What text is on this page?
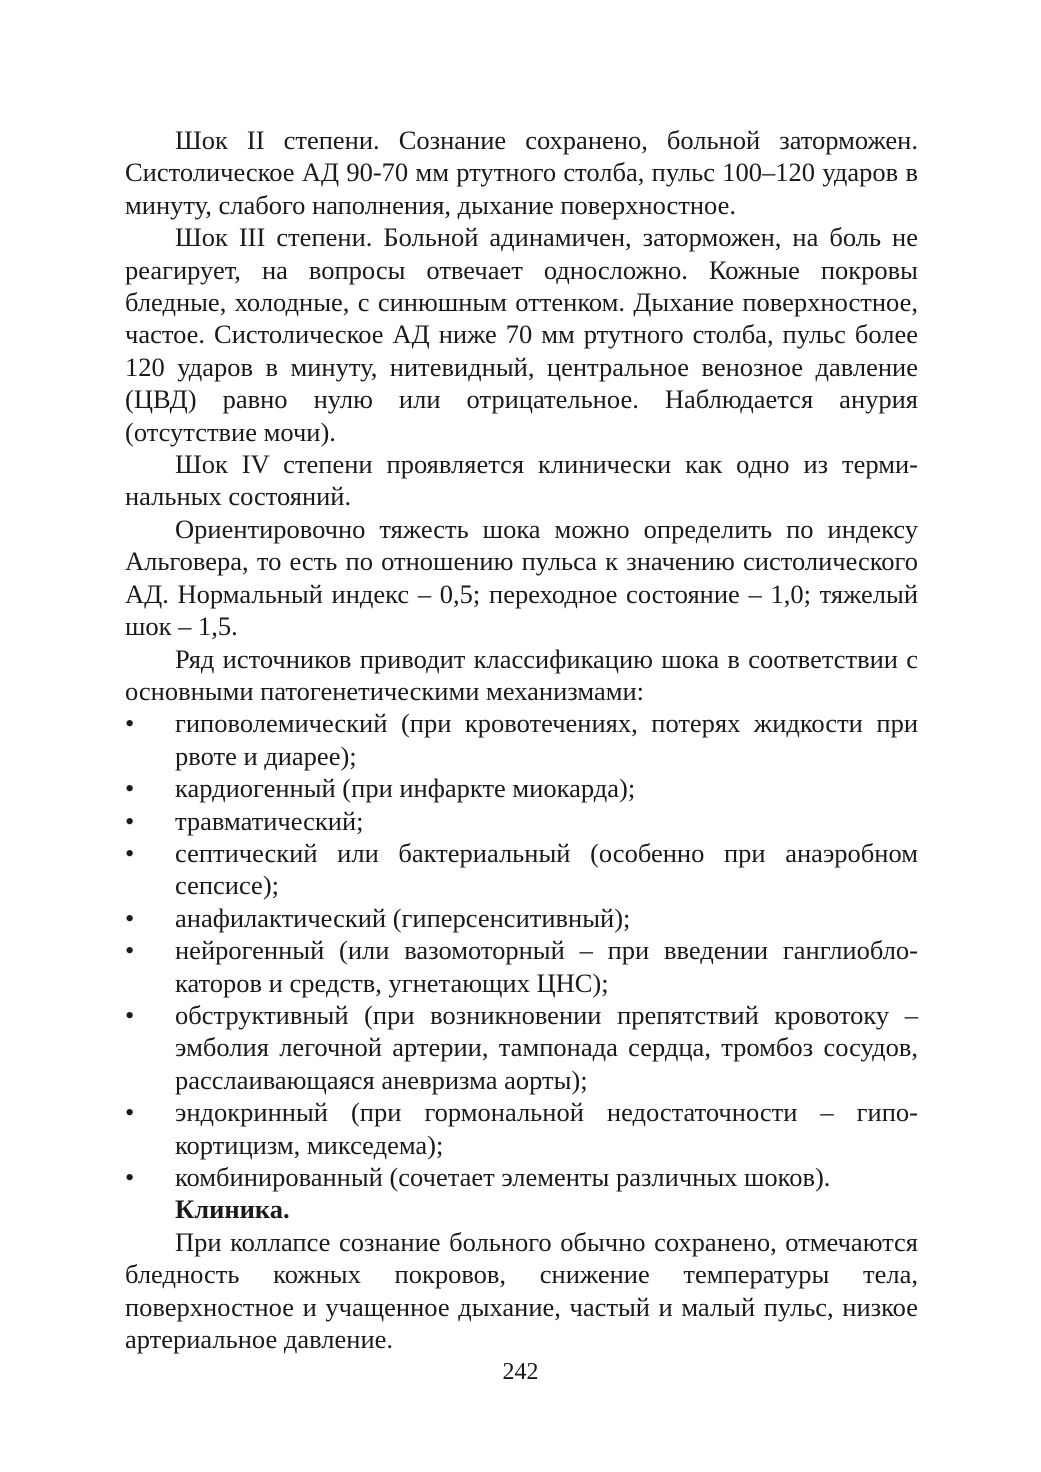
Шок II степени. Сознание сохранено, больной заторможен. Систолическое АД 90-70 мм ртутного столба, пульс 100–120 ударов в минуту, слабого наполнения, дыхание поверхностное.

Шок III степени. Больной адинамичен, заторможен, на боль не реагирует, на вопросы отвечает односложно. Кожные покровы бледные, холодные, с синюшным оттенком. Дыхание поверхностное, частое. Систолическое АД ниже 70 мм ртутного столба, пульс более 120 ударов в минуту, нитевидный, центральное венозное давление (ЦВД) равно нулю или отрицательное. Наблюдается анурия (отсутствие мочи).

Шок IV степени проявляется клинически как одно из терминальных состояний.

Ориентировочно тяжесть шока можно определить по индексу Альговера, то есть по отношению пульса к значению систолического АД. Нормальный индекс – 0,5; переходное состояние – 1,0; тяжелый шок – 1,5.

Ряд источников приводит классификацию шока в соответствии с основными патогенетическими механизмами:

•	гиповолемический (при кровотечениях, потерях жидкости при рвоте и диарее);
•	кардиогенный (при инфаркте миокарда);
•	травматический;
•	септический или бактериальный (особенно при анаэробном сепсисе);
•	анафилактический (гиперсенситивный);
•	нейрогенный (или вазомоторный – при введении ганглиоблокаторов и средств, угнетающих ЦНС);
•	обструктивный (при возникновении препятствий кровотоку – эмболия легочной артерии, тампонада сердца, тромбоз сосудов, расслаивающаяся аневризма аорты);
•	эндокринный (при гормональной недостаточности – гипокортицизм, микседема);
•	комбинированный (сочетает элементы различных шоков).

Клиника.

При коллапсе сознание больного обычно сохранено, отмечаются бледность кожных покровов, снижение температуры тела, поверхностное и учащенное дыхание, частый и малый пульс, низкое артериальное давление.

242
